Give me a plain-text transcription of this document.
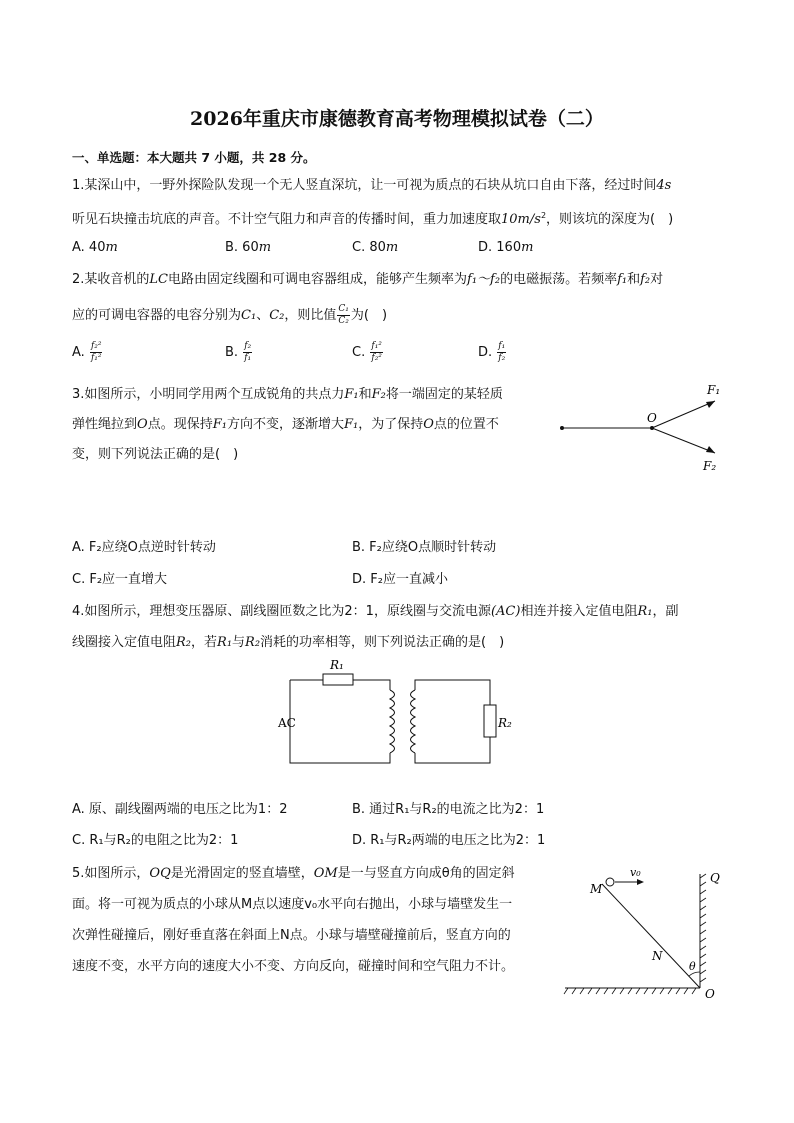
2026年重庆市康德教育高考物理模拟试卷（二）
一、单选题：本大题共 7 小题，共 28 分。
1.某深山中，一野外探险队发现一个无人竖直深坑，让一可视为质点的石块从坑口自由下落，经过时间4s
听见石块撞击坑底的声音。不计空气阻力和声音的传播时间，重力加速度取$10m/s^2$，则该坑的深度为(　)
A. 40m	B. 60m	C. 80m	D. 160m
2.某收音机的LC电路由固定线圈和可调电容器组成，能够产生频率为f₁～f₂的电磁振荡。若频率f₁和f₂对
应的可调电容器的电容分别为C₁、C₂，则比值 $\frac{\text{C₁}}{\text{C₂}}$ 为(　)
A. $\frac{\text{f₂²}}{\text{f₁²}}$	B. $\frac{\text{f₂}}{\text{f₁}}$	C. $\frac{\text{f₁²}}{\text{f₂²}}$	D. $\frac{\text{f₁}}{\text{f₂}}$
3.如图所示，小明同学用两个互成锐角的共点力F₁和F₂将一端固定的某轻质
弹性绳拉到O点。现保持F₁方向不变，逐渐增大F₁，为了保持O点的位置不
变，则下列说法正确的是(　)
O
F₁
F₂
A. F₂应绕O点逆时针转动	B. F₂应绕O点顺时针转动
C. F₂应一直增大	D. F₂应一直减小
4.如图所示，理想变压器原、副线圈匝数之比为2：1，原线圈与交流电源(AC)相连并接入定值电阻R₁，副
线圈接入定值电阻R₂，若R₁与R₂消耗的功率相等，则下列说法正确的是(　)
AC
R₁
R₂
A. 原、副线圈两端的电压之比为1：2	B. 通过R₁与R₂的电流之比为2：1
C. R₁与R₂的电阻之比为2：1	D. R₁与R₂两端的电压之比为2：1
5.如图所示，OQ是光滑固定的竖直墙壁，OM是一与竖直方向成θ角的固定斜
面。将一可视为质点的小球从M点以速度v₀水平向右抛出，小球与墙壁发生一
次弹性碰撞后，刚好垂直落在斜面上N点。小球与墙壁碰撞前后，竖直方向的
速度不变，水平方向的速度大小不变、方向反向，碰撞时间和空气阻力不计。
M
v₀	Q
N
θ
O
